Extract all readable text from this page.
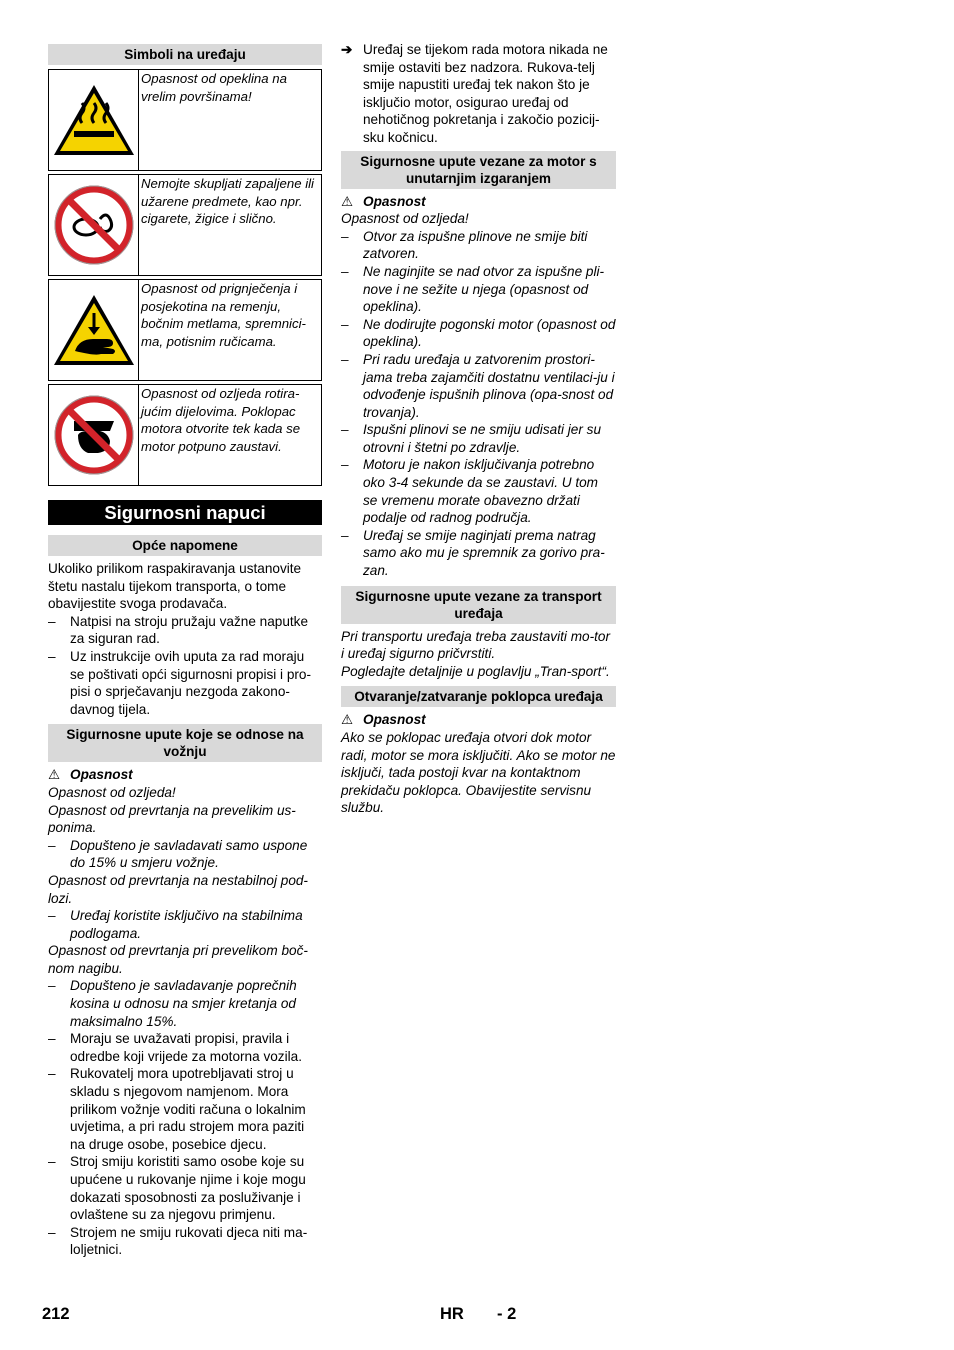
Simboli na uređaju
Opasnost od opeklina na vrelim površinama!
Nemojte skupljati zapaljene ili užarene predmete, kao npr. cigarete, žigice i slično.
Opasnost od prignječenja i posjekotina na remenju, bočnim metlama, spremnici-ma, potisnim ručicama.
Opasnost od ozljeda rotira-jućim dijelovima. Poklopac motora otvorite tek kada se motor potpuno zaustavi.
Sigurnosni napuci
Opće napomene

Ukoliko prilikom raspakiravanja ustanovite štetu nastalu tijekom transporta, o tome obavijestite svoga prodavača.

–	Natpisi na stroju pružaju važne naputke za siguran rad.
–	Uz instrukcije ovih uputa za rad moraju se poštivati opći sigurnosni propisi i pro-pisi o sprječavanju nezgoda zakono-davnog tijela.
Sigurnosne upute koje se odnose na vožnju
⚠ Opasnost

Opasnost od ozljeda!

Opasnost od prevrtanja na prevelikim us-ponima.

–	Dopušteno je savladavati samo uspone do 15% u smjeru vožnje.

Opasnost od prevrtanja na nestabilnoj pod-lozi.

–	Uređaj koristite isključivo na stabilnima podlogama.

Opasnost od prevrtanja pri prevelikom boč-nom nagibu.

–	Dopušteno je savladavanje poprečnih kosina u odnosu na smjer kretanja od maksimalno 15%.
–	Moraju se uvažavati propisi, pravila i odredbe koji vrijede za motorna vozila.
–	Rukovatelj mora upotrebljavati stroj u skladu s njegovom namjenom. Mora prilikom vožnje voditi računa o lokalnim uvjetima, a pri radu strojem mora paziti na druge osobe, posebice djecu.
–	Stroj smiju koristiti samo osobe koje su upućene u rukovanje njime i koje mogu dokazati sposobnosti za posluživanje i ovlaštene su za njegovu primjenu.
–	Strojem ne smiju rukovati djeca niti ma-loljetnici.
➔ Uređaj se tijekom rada motora nikada ne smije ostaviti bez nadzora. Rukova-telj smije napustiti uređaj tek nakon što je isključio motor, osigurao uređaj od nehotičnog pokretanja i zakočio pozicij-sku kočnicu.
Sigurnosne upute vezane za motor s unutarnjim izgaranjem
⚠ Opasnost

Opasnost od ozljeda!

–	Otvor za ispušne plinove ne smije biti zatvoren.
–	Ne naginjite se nad otvor za ispušne pli-nove i ne sežite u njega (opasnost od opeklina).
–	Ne dodirujte pogonski motor (opasnost od opeklina).
–	Pri radu uređaja u zatvorenim prostori-jama treba zajamčiti dostatnu ventilaci-ju i odvođenje ispušnih plinova (opa-snost od trovanja).
–	Ispušni plinovi se ne smiju udisati jer su otrovni i štetni po zdravlje.
–	Motoru je nakon isključivanja potrebno oko 3-4 sekunde da se zaustavi. U tom se vremenu morate obavezno držati podalje od radnog područja.
–	Uređaj se smije naginjati prema natrag samo ako mu je spremnik za gorivo pra-zan.
Sigurnosne upute vezane za transport uređaja

Pri transportu uređaja treba zaustaviti mo-tor i uređaj sigurno pričvrstiti.

Pogledajte detaljnije u poglavlju „Tran-sport“.

Otvaranje/zatvaranje poklopca uređaja
⚠ Opasnost

Ako se poklopac uređaja otvori dok motor radi, motor se mora isključiti. Ako se motor ne isključi, tada postoji kvar na kontaktnom prekidaču poklopca. Obavijestite servisnu službu.

212	HR - 2
